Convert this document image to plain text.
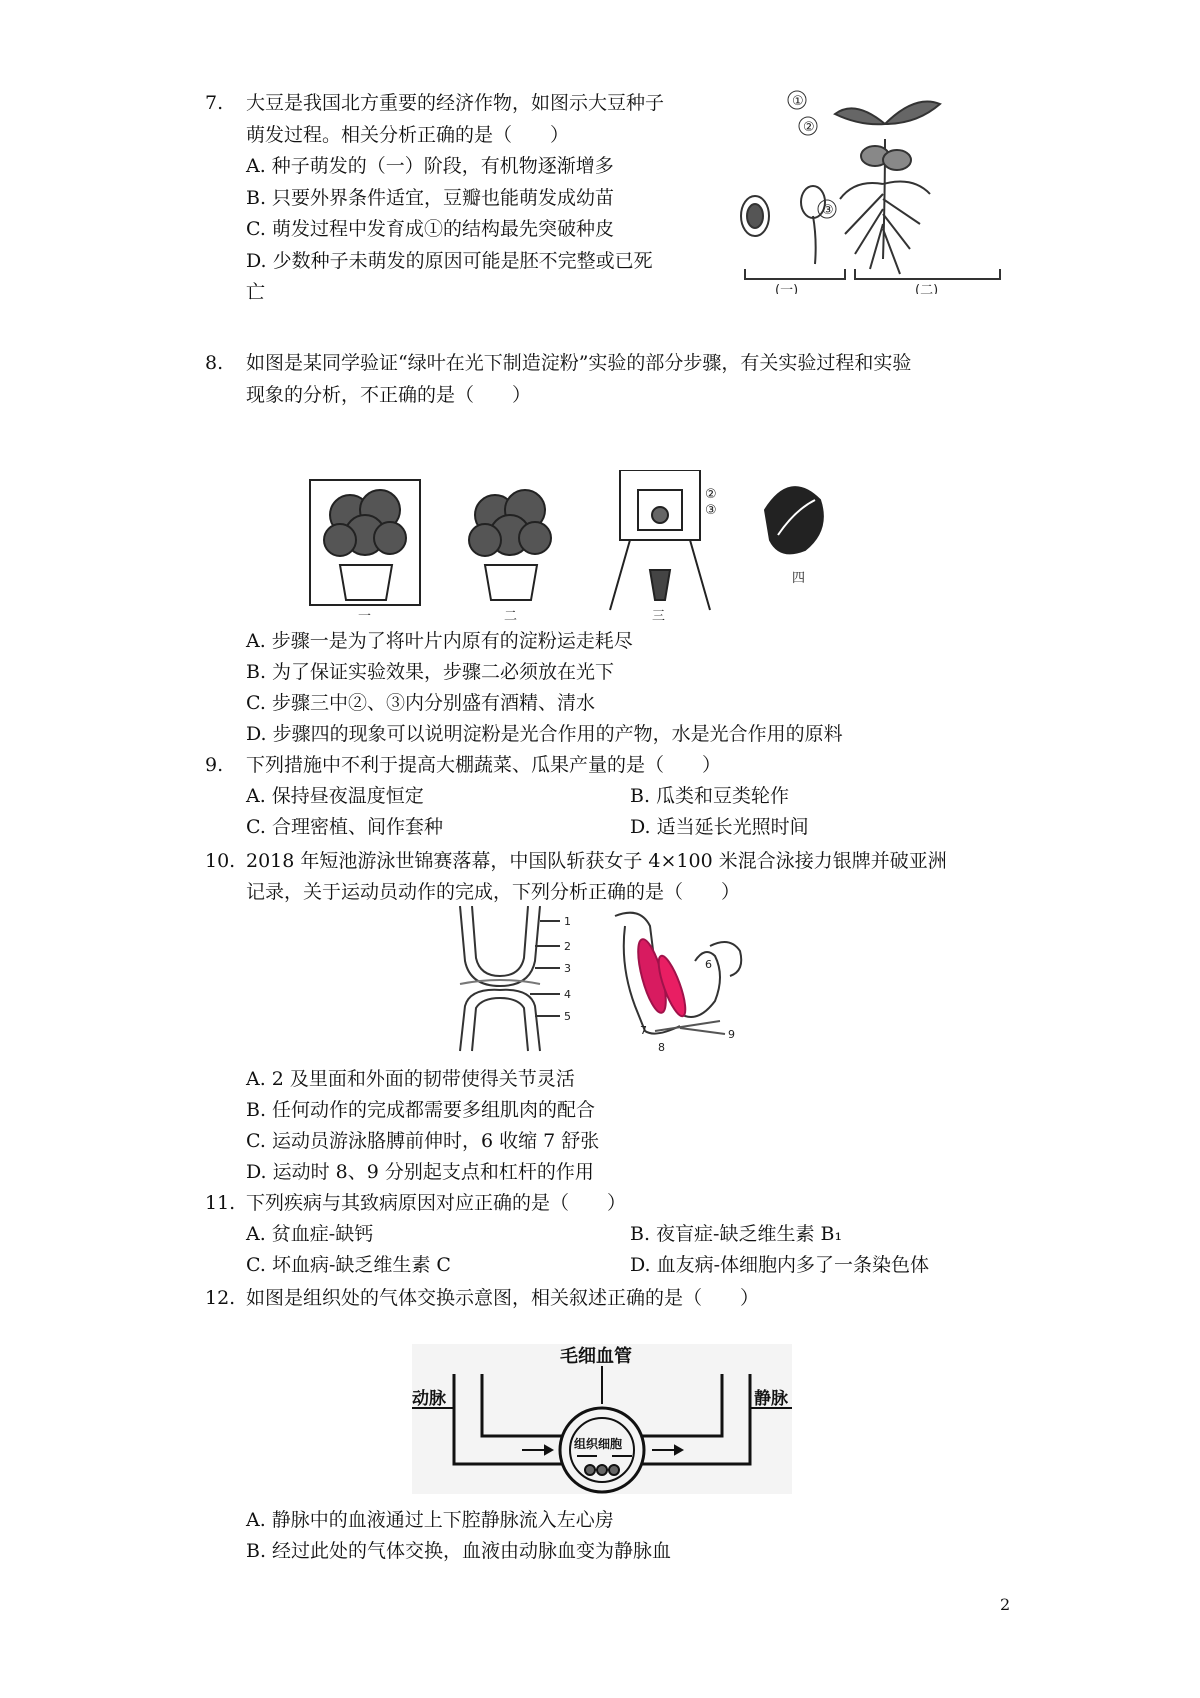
7. 大豆是我国北方重要的经济作物，如图示大豆种子
萌发过程。相关分析正确的是（　　）
A. 种子萌发的（一）阶段，有机物逐渐增多
B. 只要外界条件适宜，豆瓣也能萌发成幼苗
C. 萌发过程中发育成①的结构最先突破种皮
D. 少数种子未萌发的原因可能是胚不完整或已死
亡
①
②
③
(一)	(二)
8. 如图是某同学验证“绿叶在光下制造淀粉”实验的部分步骤，有关实验过程和实验
现象的分析，不正确的是（　　）
②
③
一	二	三
四
A. 步骤一是为了将叶片内原有的淀粉运走耗尽
B. 为了保证实验效果，步骤二必须放在光下
C. 步骤三中②、③内分别盛有酒精、清水
D. 步骤四的现象可以说明淀粉是光合作用的产物，水是光合作用的原料
9. 下列措施中不利于提高大棚蔬菜、瓜果产量的是（　　）
A. 保持昼夜温度恒定	B. 瓜类和豆类轮作
C. 合理密植、间作套种	D. 适当延长光照时间
10. 2018 年短池游泳世锦赛落幕，中国队斩获女子 4×100 米混合泳接力银牌并破亚洲
记录，关于运动员动作的完成，下列分析正确的是（　　）
1
2
3
4
5
6
7
8
9
A. 2 及里面和外面的韧带使得关节灵活
B. 任何动作的完成都需要多组肌肉的配合
C. 运动员游泳胳膊前伸时，6 收缩 7 舒张
D. 运动时 8、9 分别起支点和杠杆的作用
11. 下列疾病与其致病原因对应正确的是（　　）
A. 贫血症-缺钙	B. 夜盲症-缺乏维生素 B₁
C. 坏血病-缺乏维生素 C	D. 血友病-体细胞内多了一条染色体
12. 如图是组织处的气体交换示意图，相关叙述正确的是（　　）
毛细血管
动脉	静脉
组织细胞
A. 静脉中的血液通过上下腔静脉流入左心房
B. 经过此处的气体交换，血液由动脉血变为静脉血
2
